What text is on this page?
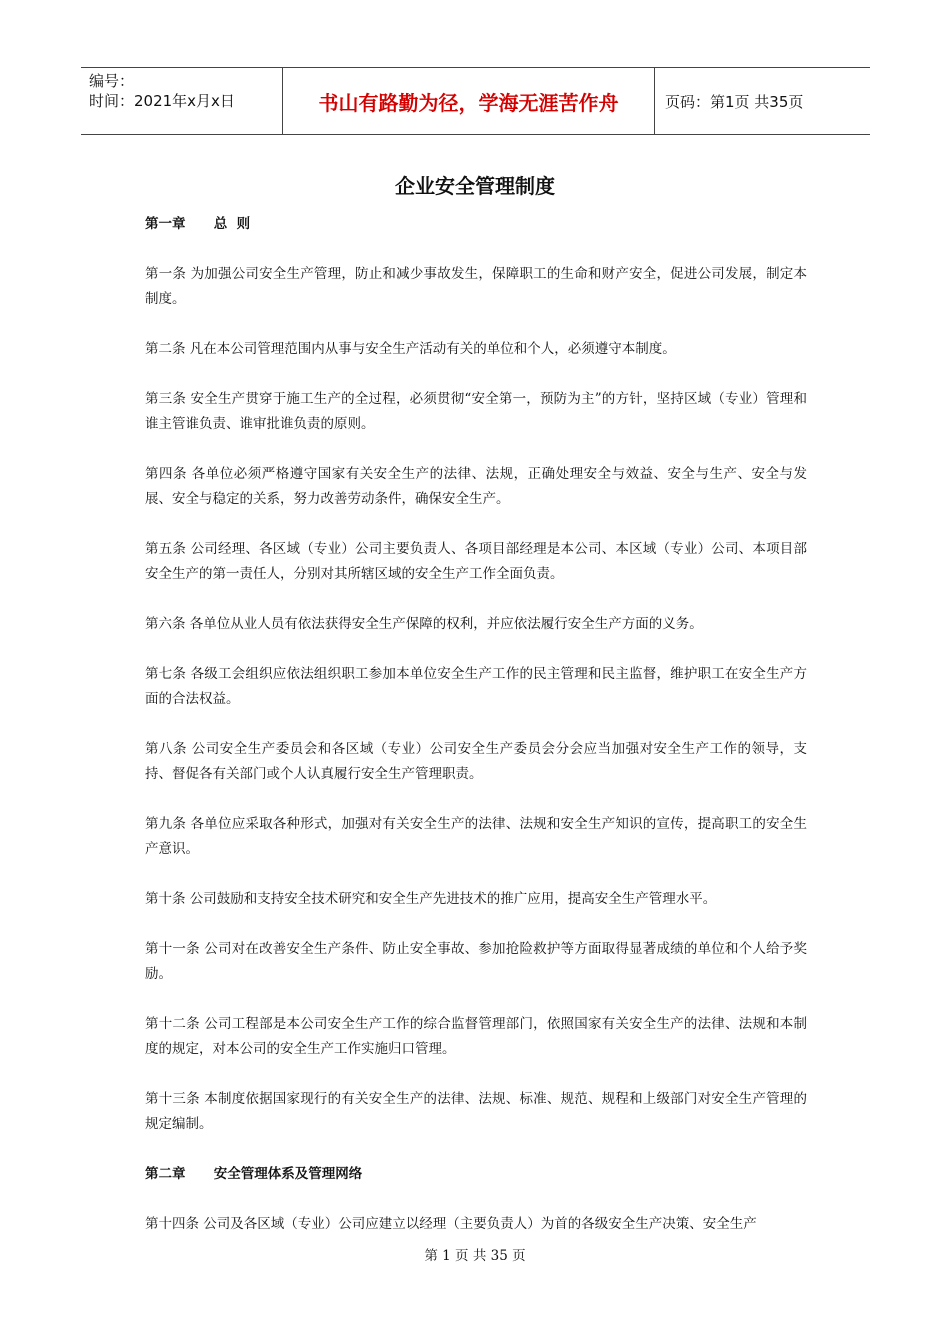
编号：
时间：2021年x月x日	书山有路勤为径，学海无涯苦作舟	页码：第1页 共35页
企业安全管理制度
第一章      总  则
第一条 为加强公司安全生产管理，防止和减少事故发生，保障职工的生命和财产安全，促进公司发展，制定本制度。
第二条 凡在本公司管理范围内从事与安全生产活动有关的单位和个人，必须遵守本制度。
第三条 安全生产贯穿于施工生产的全过程，必须贯彻“安全第一，预防为主”的方针，坚持区域（专业）管理和谁主管谁负责、谁审批谁负责的原则。
第四条 各单位必须严格遵守国家有关安全生产的法律、法规，正确处理安全与效益、安全与生产、安全与发展、安全与稳定的关系，努力改善劳动条件，确保安全生产。
第五条 公司经理、各区域（专业）公司主要负责人、各项目部经理是本公司、本区域（专业）公司、本项目部安全生产的第一责任人，分别对其所辖区域的安全生产工作全面负责。
第六条 各单位从业人员有依法获得安全生产保障的权利，并应依法履行安全生产方面的义务。
第七条 各级工会组织应依法组织职工参加本单位安全生产工作的民主管理和民主监督，维护职工在安全生产方面的合法权益。
第八条 公司安全生产委员会和各区域（专业）公司安全生产委员会分会应当加强对安全生产工作的领导，支持、督促各有关部门或个人认真履行安全生产管理职责。
第九条 各单位应采取各种形式，加强对有关安全生产的法律、法规和安全生产知识的宣传，提高职工的安全生产意识。
第十条 公司鼓励和支持安全技术研究和安全生产先进技术的推广应用，提高安全生产管理水平。
第十一条 公司对在改善安全生产条件、防止安全事故、参加抢险救护等方面取得显著成绩的单位和个人给予奖励。
第十二条 公司工程部是本公司安全生产工作的综合监督管理部门，依照国家有关安全生产的法律、法规和本制度的规定，对本公司的安全生产工作实施归口管理。
第十三条 本制度依据国家现行的有关安全生产的法律、法规、标准、规范、规程和上级部门对安全生产管理的规定编制。
第二章      安全管理体系及管理网络
第十四条 公司及各区域（专业）公司应建立以经理（主要负责人）为首的各级安全生产决策、安全生产
第 1 页 共 35 页
